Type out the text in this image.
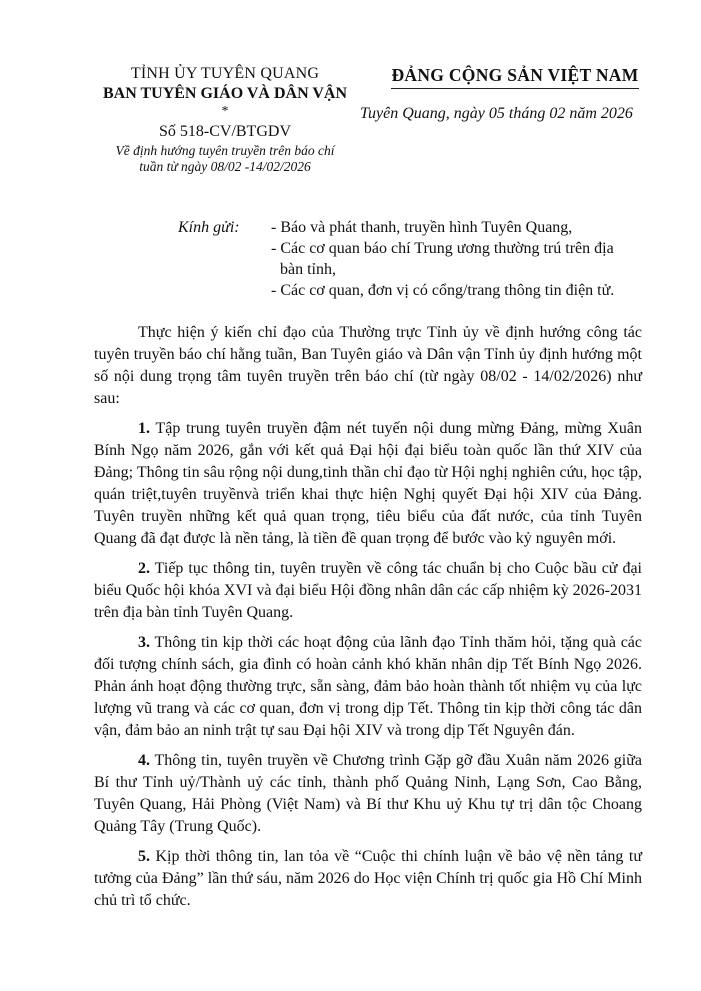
TỈNH ỦY TUYÊN QUANG
BAN TUYÊN GIÁO VÀ DÂN VẬN
*
Số 518-CV/BTGDV
Về định hướng tuyên truyền trên báo chí
tuần từ ngày 08/02 -14/02/2026
ĐẢNG CỘNG SẢN VIỆT NAM
Tuyên Quang, ngày 05 tháng 02 năm 2026
Kính gửi:	- Báo và phát thanh, truyền hình Tuyên Quang,
- Các cơ quan báo chí Trung ương thường trú trên địa
bàn tỉnh,
- Các cơ quan, đơn vị có cổng/trang thông tin điện tử.

Thực hiện ý kiến chỉ đạo của Thường trực Tỉnh ủy về định hướng công tác tuyên truyền báo chí hằng tuần, Ban Tuyên giáo và Dân vận Tỉnh ủy định hướng một số nội dung trọng tâm tuyên truyền trên báo chí (từ ngày 08/02 - 14/02/2026) như sau:

1. Tập trung tuyên truyền đậm nét tuyến nội dung mừng Đảng, mừng Xuân Bính Ngọ năm 2026, gắn với kết quả Đại hội đại biểu toàn quốc lần thứ XIV của Đảng; Thông tin sâu rộng nội dung,tinh thần chỉ đạo từ Hội nghị nghiên cứu, học tập, quán triệt,tuyên truyềnvà triển khai thực hiện Nghị quyết Đại hội XIV của Đảng. Tuyên truyền những kết quả quan trọng, tiêu biểu của đất nước, của tỉnh Tuyên Quang đã đạt được là nền tảng, là tiền đề quan trọng để bước vào kỷ nguyên mới.

2. Tiếp tục thông tin, tuyên truyền về công tác chuẩn bị cho Cuộc bầu cử đại biểu Quốc hội khóa XVI và đại biểu Hội đồng nhân dân các cấp nhiệm kỳ 2026-2031 trên địa bàn tỉnh Tuyên Quang.

3. Thông tin kịp thời các hoạt động của lãnh đạo Tỉnh thăm hỏi, tặng quà các đối tượng chính sách, gia đình có hoàn cảnh khó khăn nhân dịp Tết Bính Ngọ 2026. Phản ánh hoạt động thường trực, sẵn sàng, đảm bảo hoàn thành tốt nhiệm vụ của lực lượng vũ trang và các cơ quan, đơn vị trong dịp Tết. Thông tin kịp thời công tác dân vận, đảm bảo an ninh trật tự sau Đại hội XIV và trong dịp Tết Nguyên đán.

4. Thông tin, tuyên truyền về Chương trình Gặp gỡ đầu Xuân năm 2026 giữa Bí thư Tỉnh uỷ/Thành uỷ các tỉnh, thành phố Quảng Ninh, Lạng Sơn, Cao Bằng, Tuyên Quang, Hải Phòng (Việt Nam) và Bí thư Khu uỷ Khu tự trị dân tộc Choang Quảng Tây (Trung Quốc).

5. Kịp thời thông tin, lan tỏa về “Cuộc thi chính luận về bảo vệ nền tảng tư tưởng của Đảng” lần thứ sáu, năm 2026 do Học viện Chính trị quốc gia Hồ Chí Minh chủ trì tổ chức.
